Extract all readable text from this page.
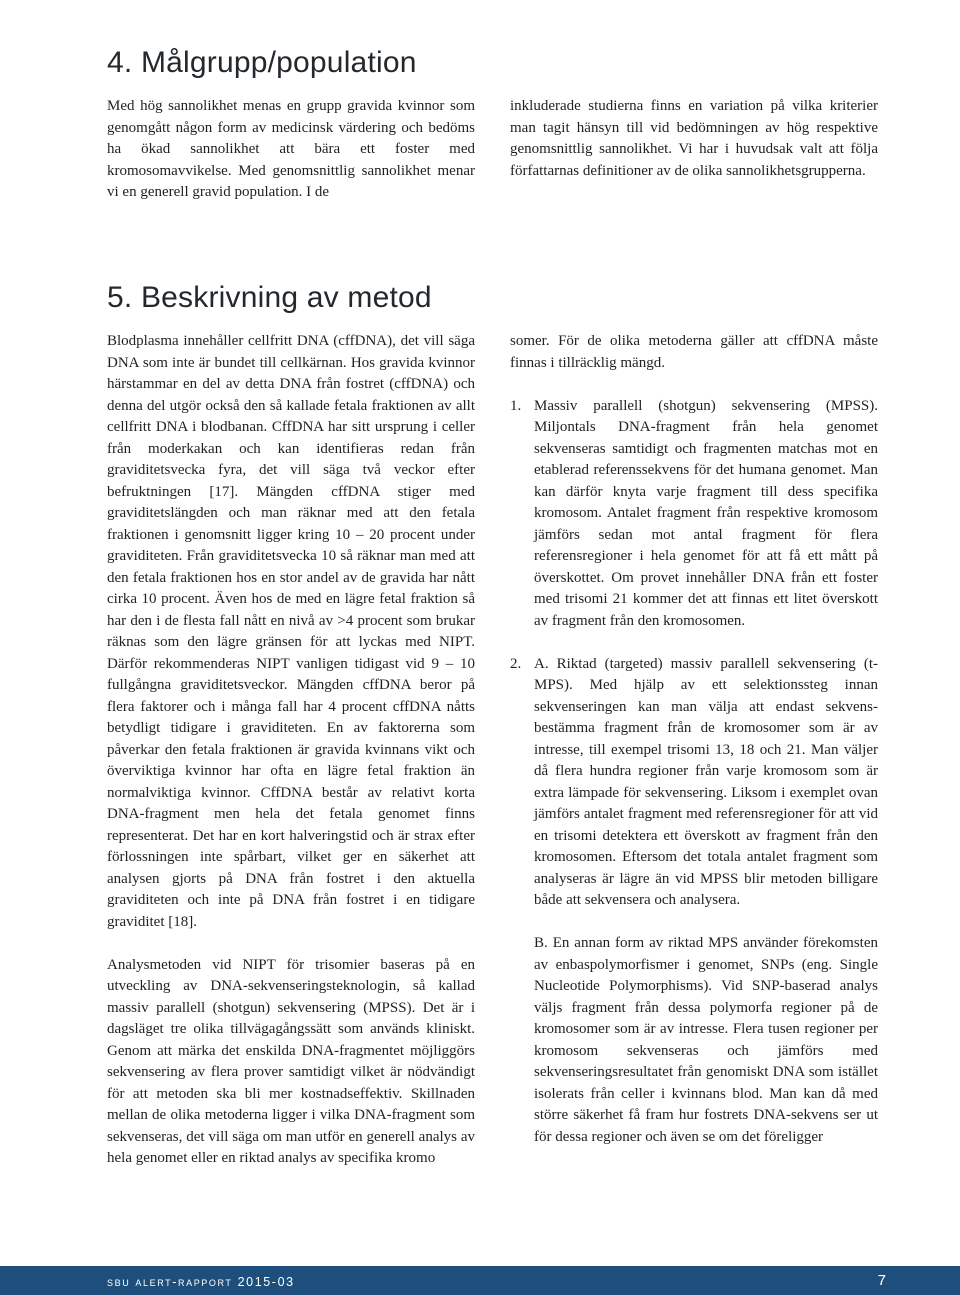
4. Målgrupp/population

Med hög sannolikhet menas en grupp gravida kvinnor som genomgått någon form av medicinsk värdering och bedöms ha ökad sannolikhet att bära ett foster med kromosomavvikelse. Med genomsnittlig sannolikhet menar vi en generell gravid population. I de

inkluderade studierna finns en variation på vilka kriterier man tagit hänsyn till vid bedömningen av hög respektive genomsnittlig sannolikhet. Vi har i huvudsak valt att följa författarnas definitioner av de olika sannolikhetsgrupperna.

5. Beskrivning av metod

Blodplasma innehåller cellfritt DNA (cffDNA), det vill säga DNA som inte är bundet till cellkärnan. Hos gravida kvinnor härstammar en del av detta DNA från fostret (cffDNA) och denna del utgör också den så kallade fetala fraktionen av allt cellfritt DNA i blodbanan. CffDNA har sitt ursprung i celler från moderkakan och kan identifieras redan från graviditetsvecka fyra, det vill säga två veckor efter befruktningen [17]. Mängden cffDNA stiger med graviditetslängden och man räknar med att den fetala fraktionen i genomsnitt ligger kring 10 – 20 procent under graviditeten. Från graviditetsvecka 10 så räknar man med att den fetala fraktionen hos en stor andel av de gravida har nått cirka 10 procent. Även hos de med en lägre fetal fraktion så har den i de flesta fall nått en nivå av >4 procent som brukar räknas som den lägre gränsen för att lyckas med NIPT. Därför rekommenderas NIPT vanligen tidigast vid 9 – 10 fullgångna graviditetsveckor. Mängden cffDNA beror på flera faktorer och i många fall har 4 procent cffDNA nåtts betydligt tidigare i graviditeten. En av faktorerna som påverkar den fetala fraktionen är gravida kvinnans vikt och överviktiga kvinnor har ofta en lägre fetal fraktion än normalviktiga kvinnor. CffDNA består av relativt korta DNA-fragment men hela det fetala genomet finns representerat. Det har en kort halveringstid och är strax efter förlossningen inte spårbart, vilket ger en säkerhet att analysen gjorts på DNA från fostret i den aktuella graviditeten och inte på DNA från fostret i en tidigare graviditet [18].

Analysmetoden vid NIPT för trisomier baseras på en utveckling av DNA-sekvenseringsteknologin, så kallad massiv parallell (shotgun) sekvensering (MPSS). Det är i dagsläget tre olika tillvägagångssätt som används kliniskt. Genom att märka det enskilda DNA-fragmentet möjliggörs sekvensering av flera prover samtidigt vilket är nödvändigt för att metoden ska bli mer kostnadseffektiv. Skillnaden mellan de olika metoderna ligger i vilka DNA-fragment som sekvenseras, det vill säga om man utför en generell analys av hela genomet eller en riktad analys av specifika kromo

somer. För de olika metoderna gäller att cffDNA måste finnas i tillräcklig mängd.

1. Massiv parallell (shotgun) sekvensering (MPSS). Miljontals DNA-fragment från hela genomet sekvenseras samtidigt och fragmenten matchas mot en etablerad referenssekvens för det humana genomet. Man kan därför knyta varje fragment till dess specifika kromosom. Antalet fragment från respektive kromosom jämförs sedan mot antal fragment för flera referensregioner i hela genomet för att få ett mått på överskottet. Om provet innehåller DNA från ett foster med trisomi 21 kommer det att finnas ett litet överskott av fragment från den kromosomen.
2. A. Riktad (targeted) massiv parallell sekvensering (t-MPS). Med hjälp av ett selektionssteg innan sekvenseringen kan man välja att endast sekvensbestämma fragment från de kromosomer som är av intresse, till exempel trisomi 13, 18 och 21. Man väljer då flera hundra regioner från varje kromosom som är extra lämpade för sekvensering. Liksom i exemplet ovan jämförs antalet fragment med referensregioner för att vid en trisomi detektera ett överskott av fragment från den kromosomen. Eftersom det totala antalet fragment som analyseras är lägre än vid MPSS blir metoden billigare både att sekvensera och analysera.
B. En annan form av riktad MPS använder förekomsten av enbaspolymorfismer i genomet, SNPs (eng. Single Nucleotide Polymorphisms). Vid SNP-baserad analys väljs fragment från dessa polymorfa regioner på de kromosomer som är av intresse. Flera tusen regioner per kromosom sekvenseras och jämförs med sekvenseringsresultatet från genomiskt DNA som istället isolerats från celler i kvinnans blod. Man kan då med större säkerhet få fram hur fostrets DNA-sekvens ser ut för dessa regioner och även se om det föreligger
sbu alert-rapport 2015-03	7
